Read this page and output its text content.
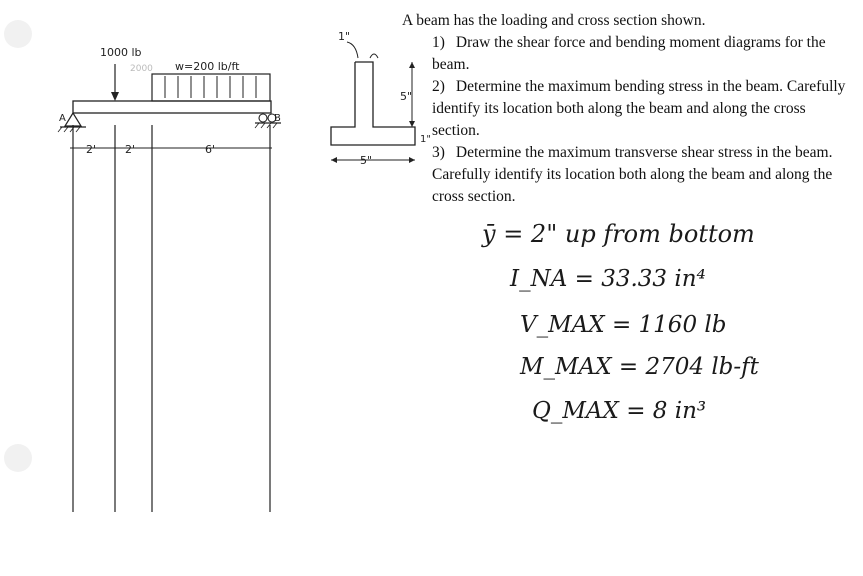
1000 lb
2000 w=200 lb/ft
A	B
2'	2'	6'
1"
5"
1"
5"
A beam has the loading and cross section shown.
1) Draw the shear force and bending moment diagrams for the beam.
2) Determine the maximum bending stress in the beam. Carefully identify its location both along the beam and along the cross section.
3) Determine the maximum transverse shear stress in the beam. Carefully identify its location both along the beam and along the cross section.
ȳ = 2" up from bottom
I_NA = 33.33 in⁴
V_MAX = 1160 lb
M_MAX = 2704 lb-ft
Q_MAX = 8 in³
